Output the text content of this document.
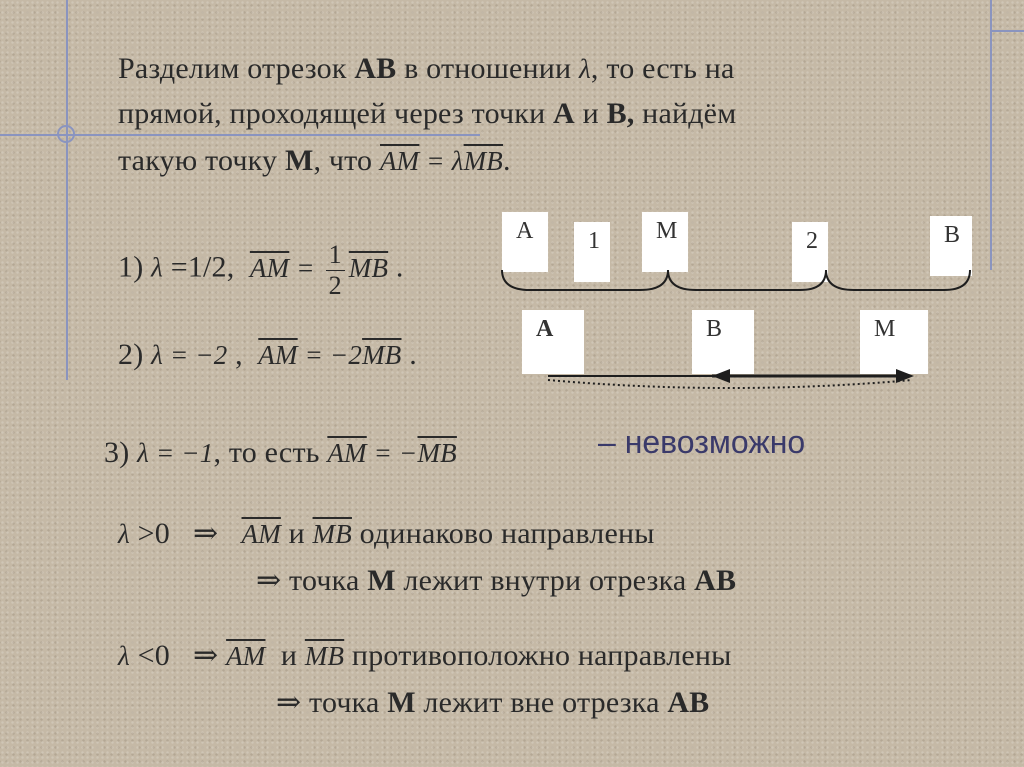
Разделим отрезок AB в отношении λ, то есть на
прямой, проходящей через точки A и B, найдём
такую точку M, что $\overline{AM} = \lambda\overline{MB}$.
1) λ =1/2, $\overline{AM} = \frac{1}{2} \overline{MB}$ .
2) λ = −2 , $\overline{AM} = -2\overline{MB}$ .
3) λ = −1, то есть $\overline{AM} = -\overline{MB}$	– невозможно
λ >0 ⇒ $\overline{AM}$ и $\overline{MB}$ одинаково направлены
⇒ точка M лежит внутри отрезка AB
λ <0 ⇒ $\overline{AM}$  и $\overline{MB}$ противоположно направлены
⇒ точка M лежит вне отрезка AB
A	1	M	2	B
A	B	M
